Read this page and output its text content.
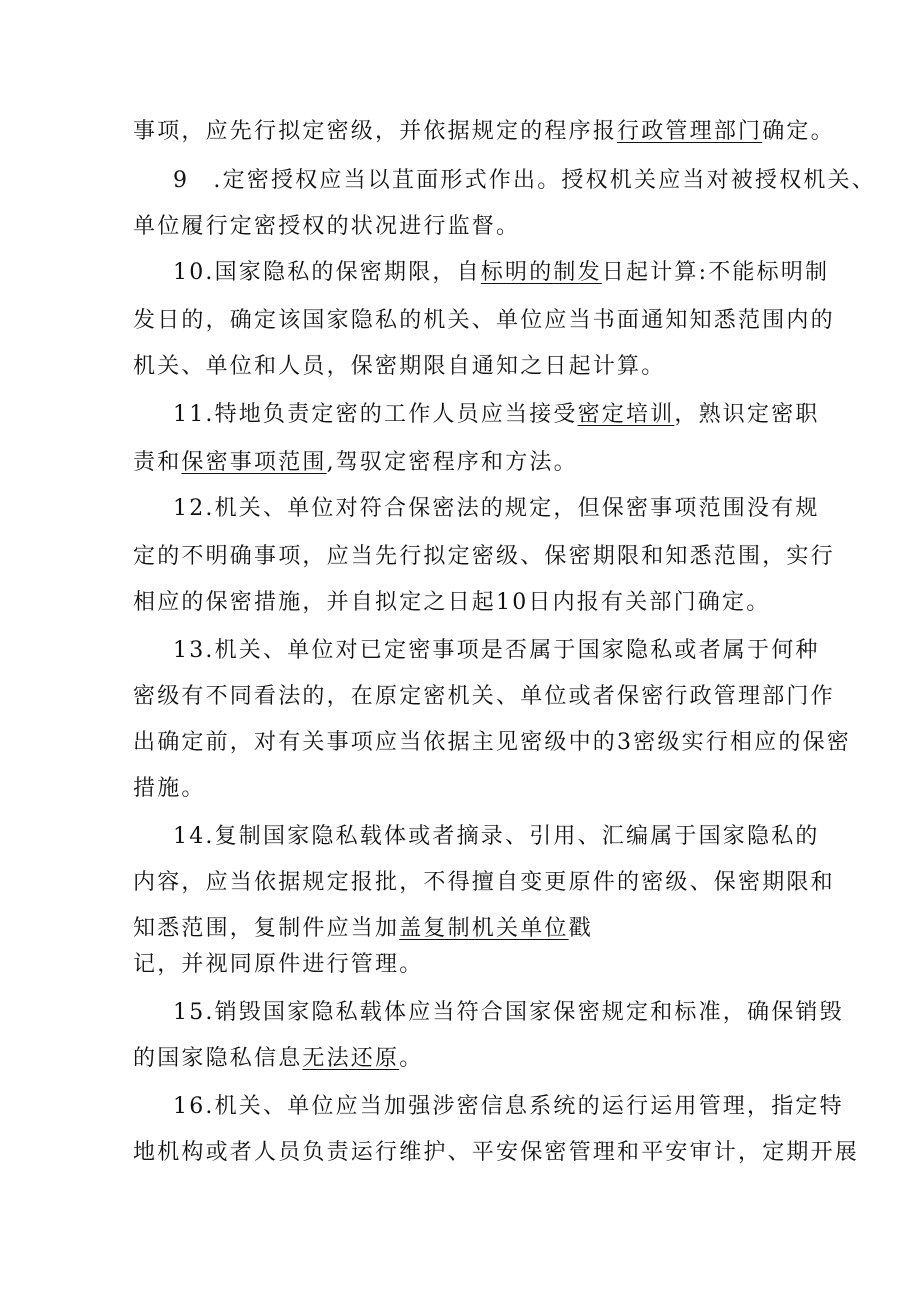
事项，应先行拟定密级，并依据规定的程序报行政管理部门确定。
9　.定密授权应当以苴面形式作出。授权机关应当对被授权机关、
单位履行定密授权的状况进行监督。
10.国家隐私的保密期限，自标明的制发日起计算:不能标明制
发日的，确定该国家隐私的机关、单位应当书面通知知悉范围内的
机关、单位和人员，保密期限自通知之日起计算。
11.特地负责定密的工作人员应当接受密定培训，熟识定密职
责和保密事项范围,驾驭定密程序和方法。
12.机关、单位对符合保密法的规定，但保密事项范围没有规
定的不明确事项，应当先行拟定密级、保密期限和知悉范围，实行
相应的保密措施，并自拟定之日起10日内报有关部门确定。
13.机关、单位对已定密事项是否属于国家隐私或者属于何种
密级有不同看法的，在原定密机关、单位或者保密行政管理部门作
出确定前，对有关事项应当依据主见密级中的3密级实行相应的保密
措施。
14.复制国家隐私载体或者摘录、引用、汇编属于国家隐私的
内容，应当依据规定报批，不得擅自变更原件的密级、保密期限和
知悉范围，复制件应当加盖复制机关单位戳
记，并视同原件进行管理。
15.销毁国家隐私载体应当符合国家保密规定和标准，确保销毁
的国家隐私信息无法还原。
16.机关、单位应当加强涉密信息系统的运行运用管理，指定特
地机构或者人员负责运行维护、平安保密管理和平安审计，定期开展
